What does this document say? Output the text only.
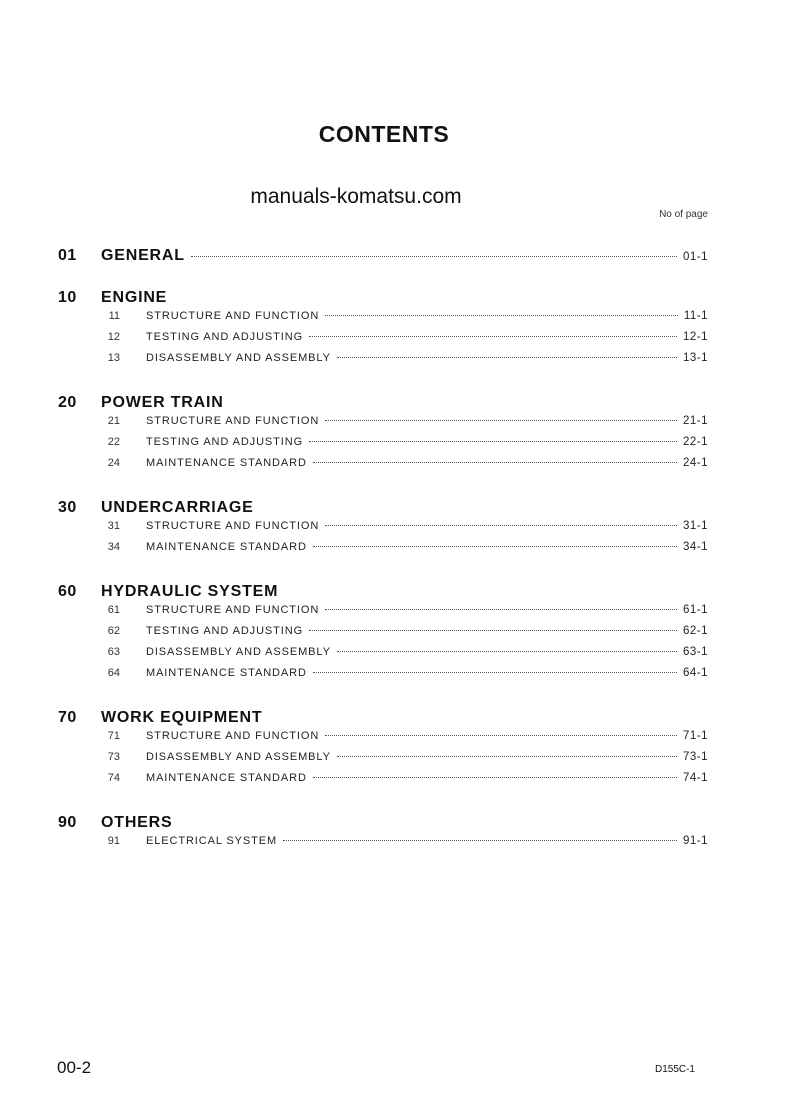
CONTENTS
manuals-komatsu.com
No of page
01	GENERAL	01-1
10	ENGINE
11	STRUCTURE AND FUNCTION	11-1
12	TESTING AND ADJUSTING	12-1
13	DISASSEMBLY AND ASSEMBLY	13-1
20	POWER TRAIN
21	STRUCTURE AND FUNCTION	21-1
22	TESTING AND ADJUSTING	22-1
24	MAINTENANCE STANDARD	24-1
30	UNDERCARRIAGE
31	STRUCTURE AND FUNCTION	31-1
34	MAINTENANCE STANDARD	34-1
60	HYDRAULIC SYSTEM
61	STRUCTURE AND FUNCTION	61-1
62	TESTING AND ADJUSTING	62-1
63	DISASSEMBLY AND ASSEMBLY	63-1
64	MAINTENANCE STANDARD	64-1
70	WORK EQUIPMENT
71	STRUCTURE AND FUNCTION	71-1
73	DISASSEMBLY AND ASSEMBLY	73-1
74	MAINTENANCE STANDARD	74-1
90	OTHERS
91	ELECTRICAL SYSTEM	91-1
00-2	D155C-1
